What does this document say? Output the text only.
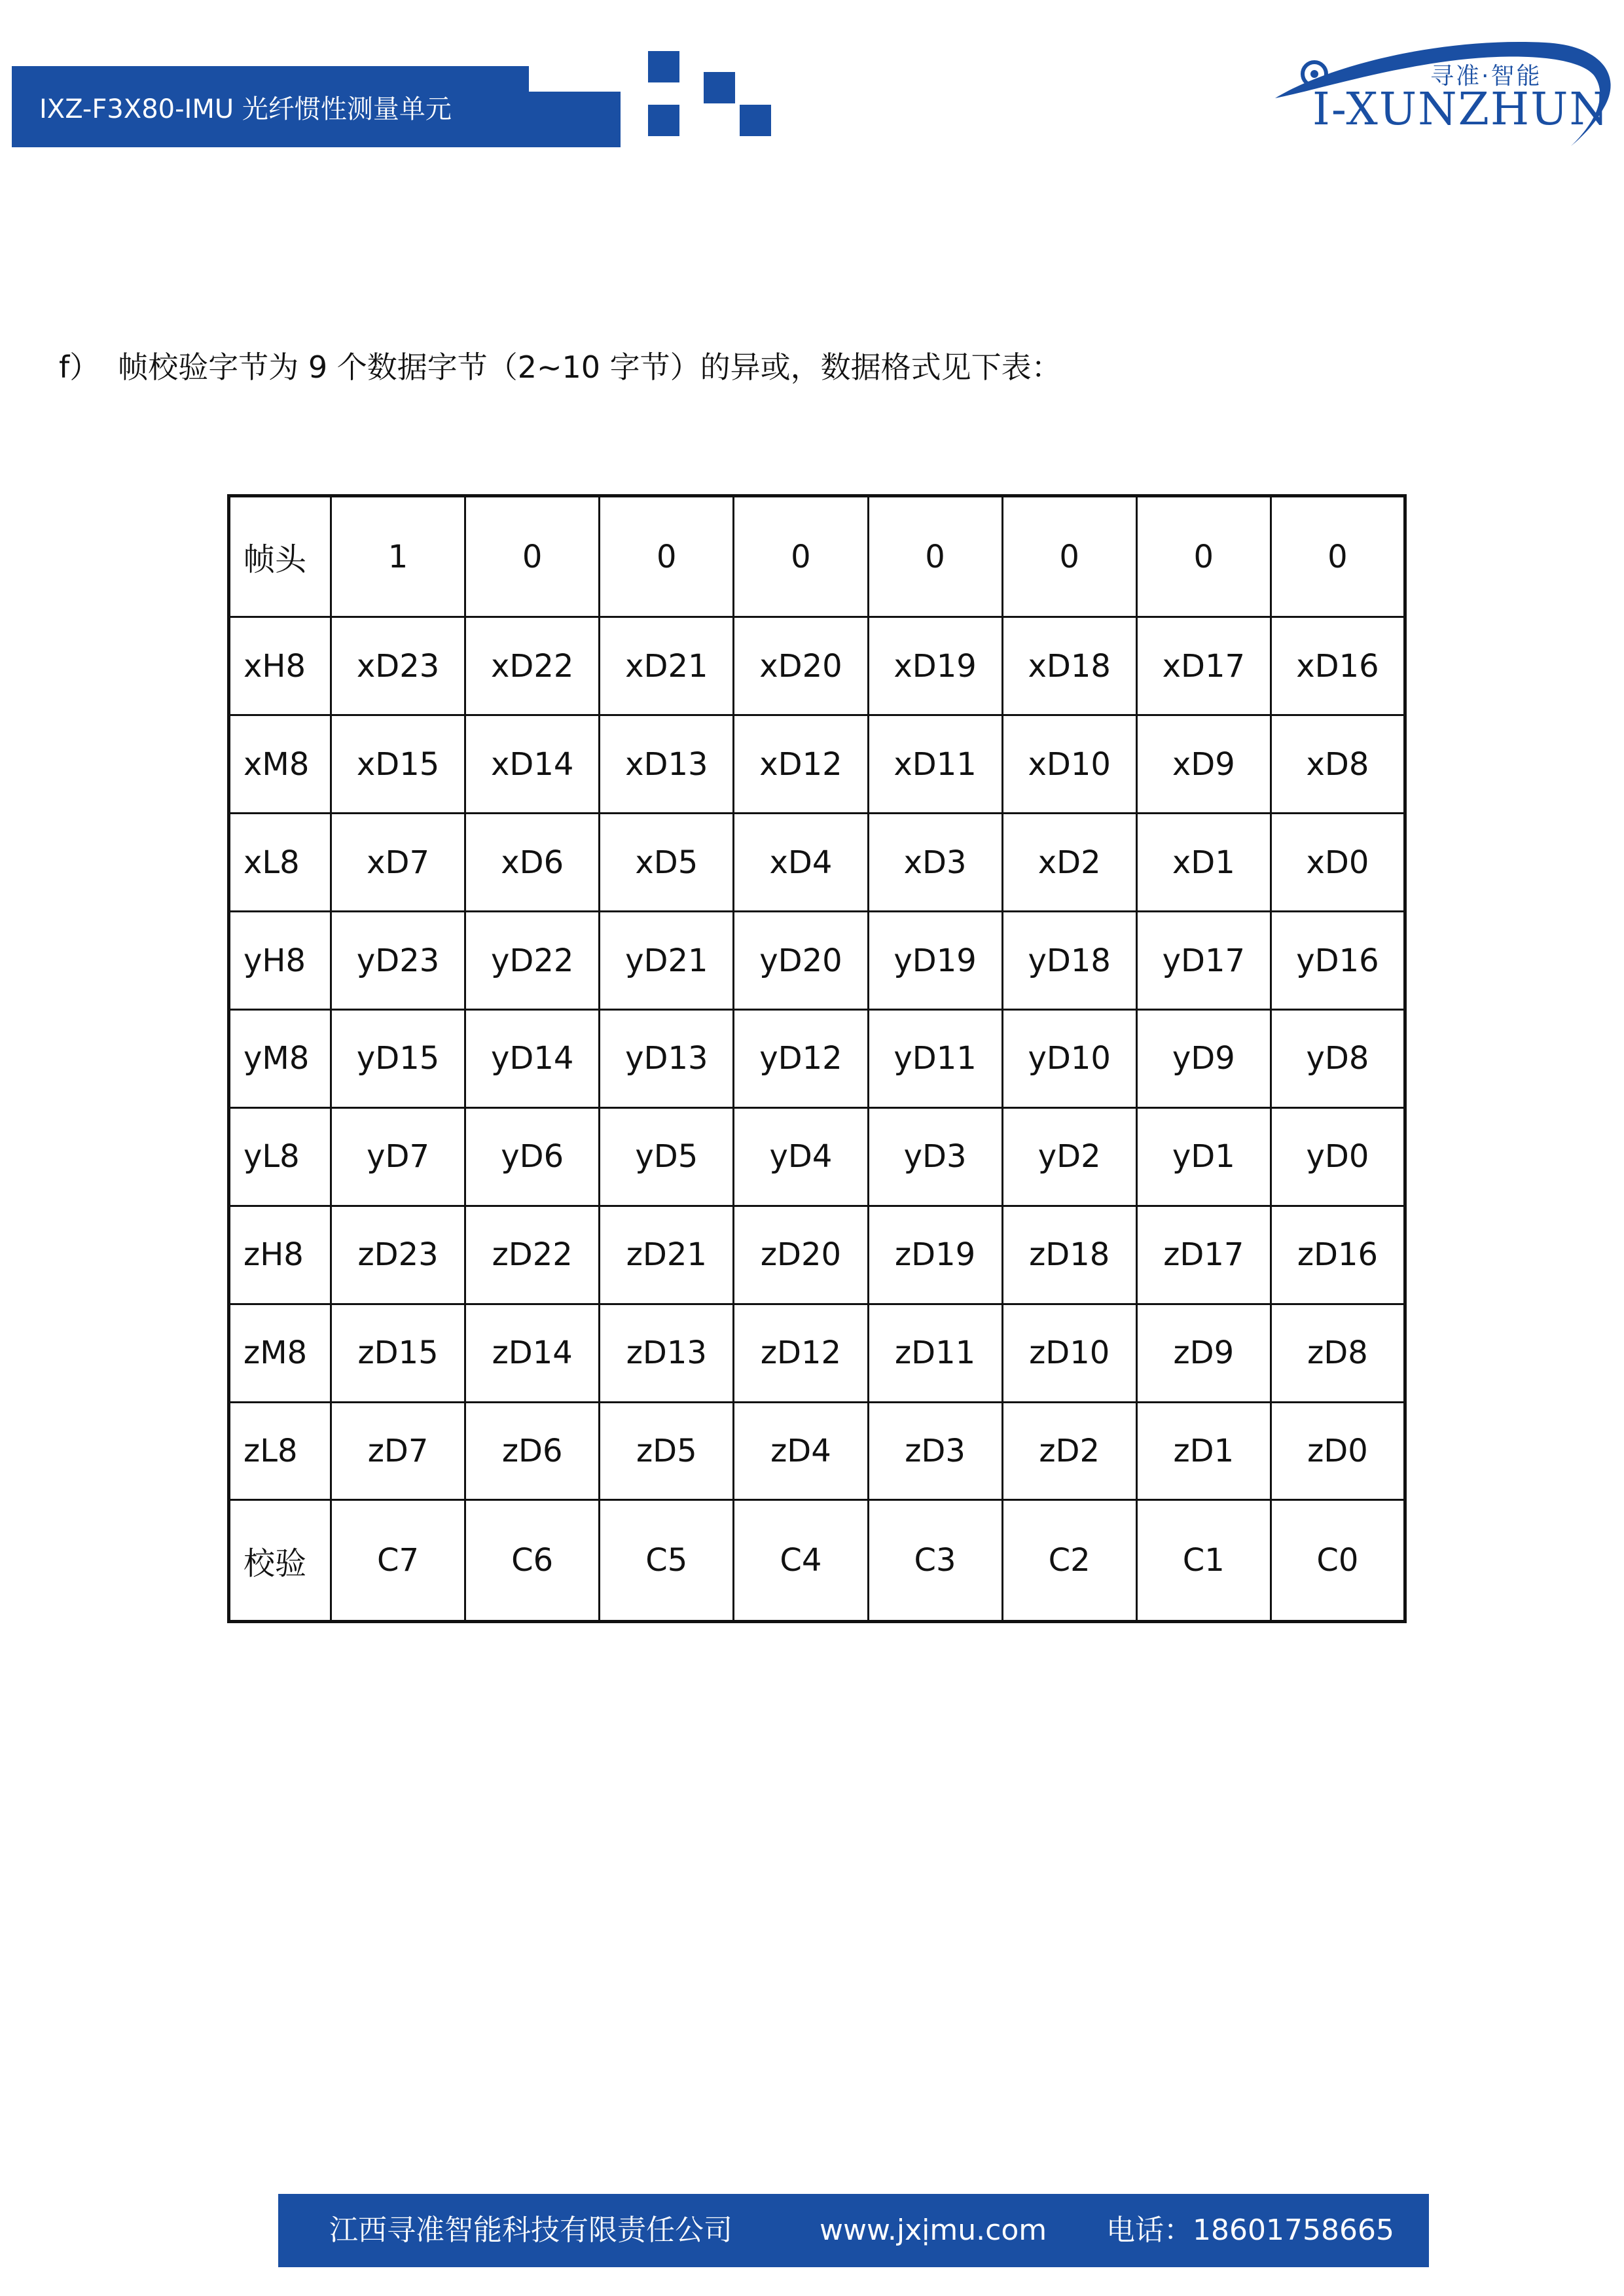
IXZ-F3X80-IMU 光纤惯性测量单元
寻准·智能
I-XUNZHUN
f） 帧校验字节为 9 个数据字节（2~10 字节）的异或，数据格式见下表：
帧头	1	0	0	0	0	0	0	0
xH8	xD23	xD22	xD21	xD20	xD19	xD18	xD17	xD16
xM8	xD15	xD14	xD13	xD12	xD11	xD10	xD9	xD8
xL8	xD7	xD6	xD5	xD4	xD3	xD2	xD1	xD0
yH8	yD23	yD22	yD21	yD20	yD19	yD18	yD17	yD16
yM8	yD15	yD14	yD13	yD12	yD11	yD10	yD9	yD8
yL8	yD7	yD6	yD5	yD4	yD3	yD2	yD1	yD0
zH8	zD23	zD22	zD21	zD20	zD19	zD18	zD17	zD16
zM8	zD15	zD14	zD13	zD12	zD11	zD10	zD9	zD8
zL8	zD7	zD6	zD5	zD4	zD3	zD2	zD1	zD0
校验	C7	C6	C5	C4	C3	C2	C1	C0
江西寻准智能科技有限责任公司	www.jxịmu.com 电话：18601758665
